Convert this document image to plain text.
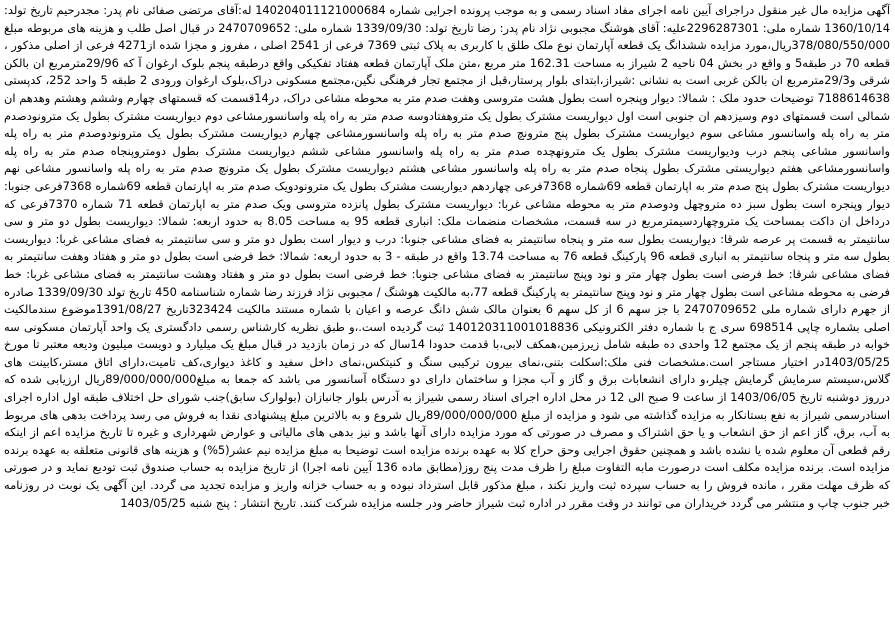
آگهی مزایده مال غیر منقول دراجرای آیین نامه اجرای مفاد اسناد رسمی و به موجب پرونده اجرایی شماره 140204011121000684 له:آقای مرتضی صفائی نام پدر: مجدرحیم تاریخ تولد: 1360/10/14 شماره ملی: 2296287301علیه: آقای هوشنگ مجبوبی نژاد نام پدر: رضا تاریخ تولد: 1339/09/30 شماره ملی: 2470709652 در قبال اصل طلب و هزینه های مربوطه مبلغ 378/080/550/000ریال،مورد مزایده ششدانگ یک قطعه آپارتمان نوع ملک طلق با کاربری به پلاک ثبتی 7369 فرعی از 2541 اصلی ، مفروز و مجزا شده از4271 فرعی از اصلی مذکور ، قطعه 70 در طبقه5 و واقع در بخش 04 ناحیه 2 شیراز به مساحت 162.31 متر مربع ،متن ملک آپارتمان قطعه هفتاد تفکیکی واقع درطبقه پنجم بلوک ارغوان آ که 29/96مترمربع ان بالکن شرقی و29/3مترمربع ان بالکن غربی است به نشانی :شیراز،ابتدای بلوار پرستار،قبل از مجتمع تجار فرهنگی نگین،مجتمع مسکونی دراک،بلوک ارغوان ورودی 2 طبقه 5 واحد 252، کدپستی 7188614638 توضیحات حدود ملک : شمالا: دیوار وپنجره است بطول هشت متروسی وهفت صدم متر به محوطه مشاعی دراک، در14قسمت که قسمتهای چهارم وششم وهشتم وهدهم ان شمالی است قسمتهای دوم وسیزدهم ان جنوبی است اول دیواریست مشترک بطول یک متروهفتادوسه صدم متر به راه پله واسانسورمشاعی دوم دیواریست مشترک بطول یک مترونودصدم متر به راه پله واسانسور مشاعی سوم دیواریست مشترک بطول پنج مترونچ صدم متر به راه پله واسانسورمشاعی چهارم دیواریست مشترک بطول یک مترونودوصدم متر به راه پله واسانسور مشاعی پنجم درب ودیواریست مشترک بطول یک مترونهچده صدم متر به راه پله واسانسور مشاعی ششم دیواریست مشترک بطول دومتروپنجاه صدم متر به راه پله واسانسورمشاعی هفتم دیواریستی مشترک بطول پنجاه صدم متر به راه پله واسانسور مشاعی هشتم دیواریست مشترک بطول یک مترونچ صدم متر به راه پله واسانسور مشاعی نهم دیواریست مشترک بطول پنج صدم متر به اپارتمان قطعه 69شماره 7368فرعی چهاردهم دیواریست مشترک بطول یک مترونودویک صدم متر به اپارتمان قطعه 69شماره 7368فرعی جنوبا: دیوار وپنجره است بطول سبز ده متروچهل ودوصدم متر به محوطه مشاعی غربا: دیواریست مشترک بطول پانزده متروسی ویک صدم متر به اپارتمان قطعه 71 شماره 7370فرعی که درداخل ان داکت بمساحت یک متروچهاردسیمترمربع در سه قسمت، مشخصات منضمات ملک: انباری قطعه 95 به مساحت 8.05 به حدود اربعه: شمالا: دیواریست بطول دو متر و سی سانتیمتر به قسمت پر عرصه شرقا: دیواریست بطول سه متر و پنجاه سانتیمتر به فضای مشاعی جنوبا: درب و دیوار است بطول دو متر و سی سانتیمتر به فضای مشاعی غربا: دیواریست بطول سه متر و پنجاه سانتیمتر به انباری قطعه 96 پارکینگ قطعه 76 به مساحت 13.74 واقع در طبقه - 3 به حدود اربعه: شمالا: خط فرضی است بطول دو متر و هفتاد وهفت سانتیمتر به فضای مشاعی شرقا: خط فرضی است بطول چهار متر و نود وپنج سانتیمتر به فضای مشاعی جنوبا: خط فرضی است بطول دو متر و هفتاد وهشت سانتیمتر به فضای مشاعی غربا: خط فرضی به محوطه مشاعی است بطول چهار متر و نود وپنج سانتیمتر به پارکینگ قطعه 77،به مالکیت هوشنگ / مجبوبی نژاد فرزند رضا شماره شناسنامه 450 تاریخ تولد 1339/09/30 صادره از جهرم دارای شماره ملی 2470709652 با جز سهم 6 از کل سهم 6 بعنوان مالک شش دانگ عرصه و اعیان با شماره مستند مالکیت 323424تاریخ 1391/08/27موضوع سندمالکیت اصلی بشماره چاپی 698514 سری ج با شماره دفتر الکترونیکی 140120311001018836 ثبت گردیده است.،و طبق نظریه کارشناس رسمی دادگستری یک واحد آپارتمان مسکونی سه خوابه در طبقه پنجم از یک مجتمع 12 واحدی ده طبقه شامل زیرزمین،همکف لابی،با قدمت حدودا 14سال که در زمان بازدید در قبال مبلغ یک میلیارد و دویست میلیون ودیعه معتبر تا مورخ 1403/05/25در اختیار مستاجر است.مشخصات فنی ملک:اسکلت بتنی،نمای بیرون ترکیبی سنگ و کنیتکس،نمای داخل سفید و کاغذ دیواری،کف تامیت،دارای اتاق مستر،کابینت های گلاس،سیستم سرمایش گرمایش چیلر،و دارای انشعابات برق و گاز و آب مجزا و ساختمان دارای دو دستگاه آسانسور می باشد که جمعا به مبلغ89/000/000/000ریال ارزیابی شده که درروز دوشنبه تاریخ 1403/06/05 از ساعت 9 صبح الی 12 در محل اداره اجرای اسناد رسمی شیراز به آدرس بلوار جانبازان (بولوارک سابق)جنب شورای حل اختلاف طبقه اول اداره اجرای اسنادرسمی شیراز به نفع بستانکار به مزایده گذاشته می شود و مزایده از مبلغ 89/000/000/000ریال شروع و به بالاترین مبلغ پیشنهادی نقدا به فروش می رسد پرداخت بدهی های مربوط به آب، برق، گاز اعم از حق انشعاب و یا حق اشتراک و مصرف در صورتی که مورد مزایده دارای آنها باشد و نیز بدهی های مالیاتی و عوارض شهرداری و غیره تا تاریخ مزایده اعم از اینکه رقم قطعی آن معلوم شده یا نشده باشد و همچنین حقوق اجرایی وحق حراج کلا به عهده برنده مزایده است توضیحا به مبلغ مزایده نیم عشر(5%) و هزینه های قانونی متعلقه به عهده برنده مزایده است. برنده مزایده مکلف است درصورت مابه التفاوت مبلغ را ظرف مدت پنج روز(مطابق ماده 136 آیین نامه اجرا) از تاریخ مزایده به حساب صندوق ثبت تودیع نماید و در صورتی که ظرف مهلت مقرر ، مانده فروش را به حساب سپرده ثبت واریز نکند ، مبلغ مذکور قابل استرداد نبوده و به حساب خزانه واریز و مزایده تجدید می گردد. این آگهی یک نوبت در روزنامه خبر جنوب چاپ و منتشر می گردد خریداران می توانند در وقت مقرر در اداره ثبت شیراز حاضر ودر جلسه مزایده شرکت کنند. تاریخ انتشار : پنج شنبه 1403/05/25
